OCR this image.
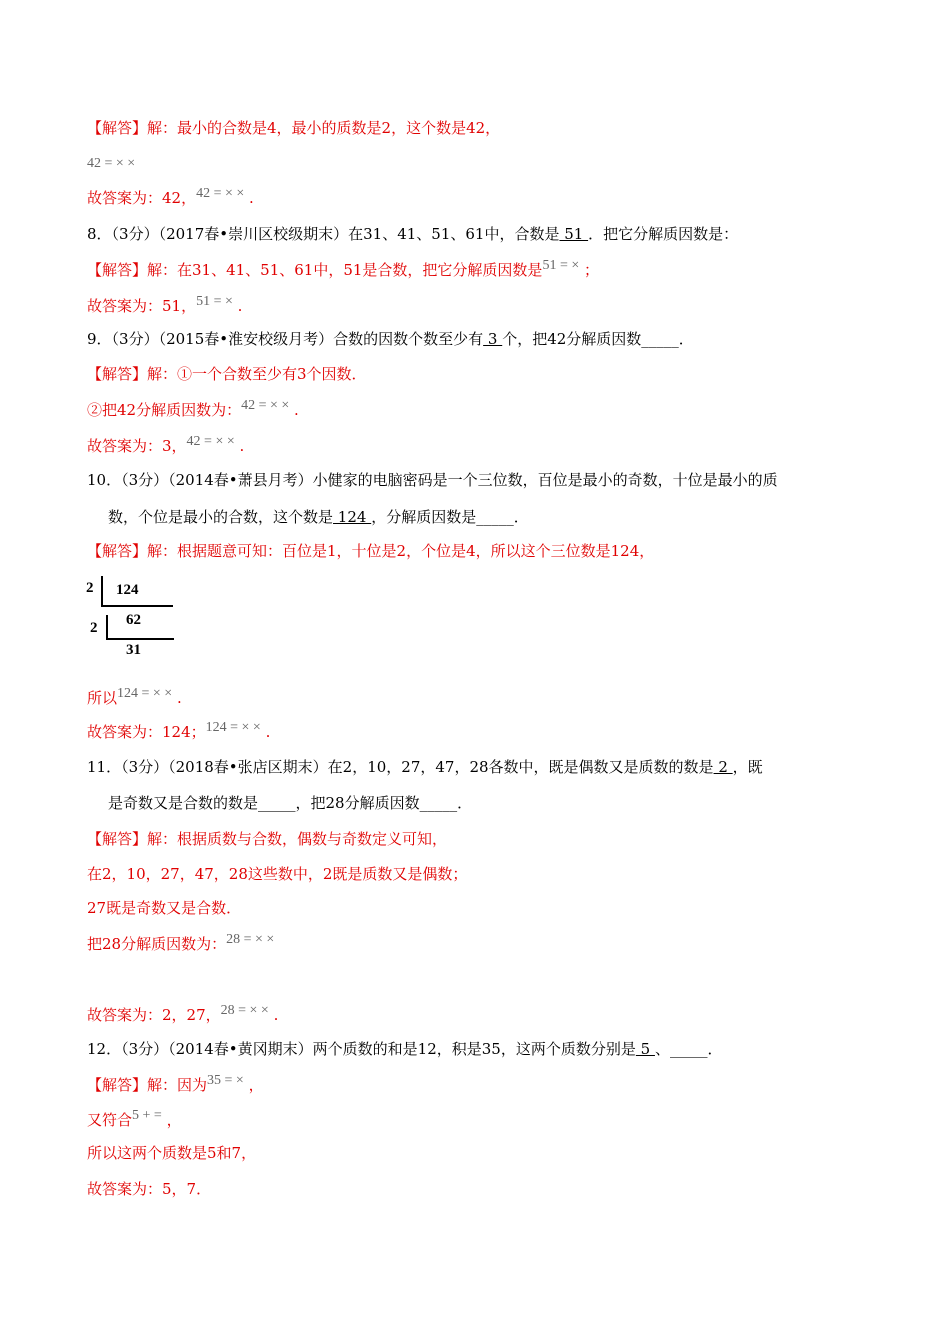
【解答】解：最小的合数是4，最小的质数是2，这个数是42，
42 = × ×
故答案为：42，42 = × × .
8．（3分）（2017春•崇川区校级期末）在31、41、51、61中，合数是 51 ．把它分解质因数是：
【解答】解：在31、41、51、61中，51是合数，把它分解质因数是51 = × ；
故答案为：51，51 = × .
9．（3分）（2015春•淮安校级月考）合数的因数个数至少有 3 个，把42分解质因数_____．
【解答】解：①一个合数至少有3个因数．
②把42分解质因数为：42 = × × .
故答案为：3，42 = × × .
10．（3分）（2014春•萧县月考）小健家的电脑密码是一个三位数，百位是最小的奇数，十位是最小的质
数，个位是最小的合数，这个数是 124 ，分解质因数是_____．
【解答】解：根据题意可知：百位是1，十位是2，个位是4，所以这个三位数是124，
2 124
2 62
31
所以124 = × × .
故答案为：124；124 = × × .
11．（3分）（2018春•张店区期末）在2，10，27，47，28各数中，既是偶数又是质数的数是 2 ，既
是奇数又是合数的数是_____，把28分解质因数_____．
【解答】解：根据质数与合数，偶数与奇数定义可知，
在2，10，27，47，28这些数中，2既是质数又是偶数；
27既是奇数又是合数．
把28分解质因数为：28 = × ×
故答案为：2，27，28 = × × .
12．（3分）（2014春•黄冈期末）两个质数的和是12，积是35，这两个质数分别是 5 、_____．
【解答】解：因为35 = × ，
又符合5 + = ，
所以这两个质数是5和7，
故答案为：5，7．
